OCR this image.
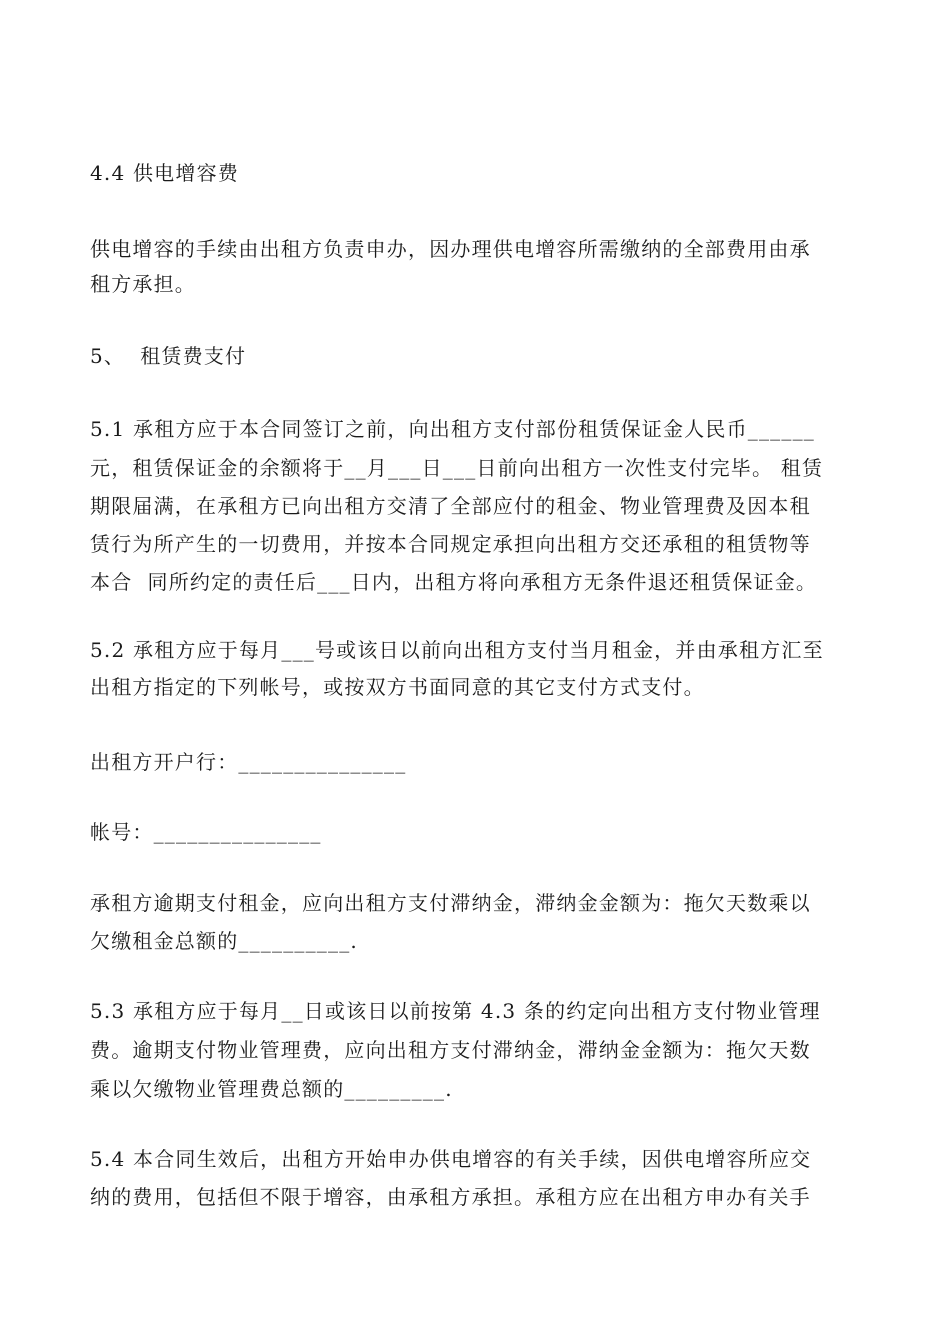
4.4 供电增容费
供电增容的手续由出租方负责申办，因办理供电增容所需缴纳的全部费用由承
租方承担。
5、  租赁费支付
5.1 承租方应于本合同签订之前，向出租方支付部份租赁保证金人民币______
元，租赁保证金的余额将于__月___日___日前向出租方一次性支付完毕。 租赁
期限届满，在承租方已向出租方交清了全部应付的租金、物业管理费及因本租
赁行为所产生的一切费用，并按本合同规定承担向出租方交还承租的租赁物等
本合  同所约定的责任后___日内，出租方将向承租方无条件退还租赁保证金。
5.2 承租方应于每月___号或该日以前向出租方支付当月租金，并由承租方汇至
出租方指定的下列帐号，或按双方书面同意的其它支付方式支付。
出租方开户行：_______________
帐号：_______________
承租方逾期支付租金，应向出租方支付滞纳金，滞纳金金额为：拖欠天数乘以
欠缴租金总额的__________.
5.3 承租方应于每月__日或该日以前按第 4.3 条的约定向出租方支付物业管理
费。逾期支付物业管理费，应向出租方支付滞纳金，滞纳金金额为：拖欠天数
乘以欠缴物业管理费总额的_________.
5.4 本合同生效后，出租方开始申办供电增容的有关手续，因供电增容所应交
纳的费用，包括但不限于增容，由承租方承担。承租方应在出租方申办有关手
